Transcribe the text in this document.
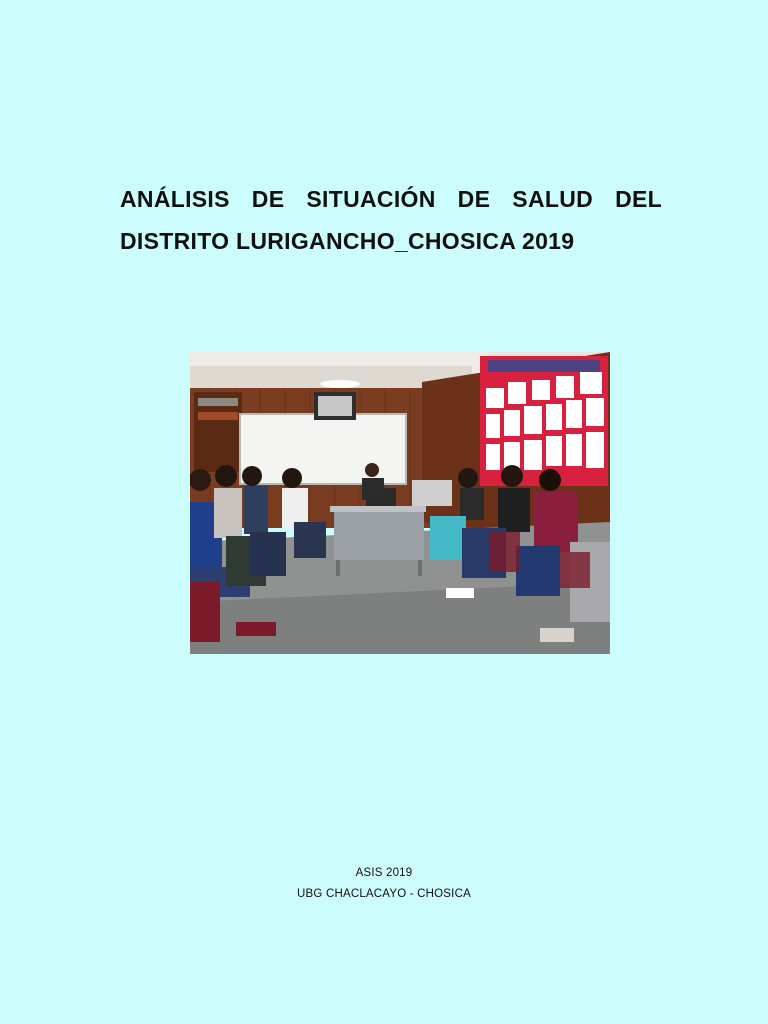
ANÁLISIS DE SITUACIÓN DE SALUD DEL
DISTRITO LURIGANCHO_CHOSICA 2019
ASIS 2019
UBG CHACLACAYO - CHOSICA
